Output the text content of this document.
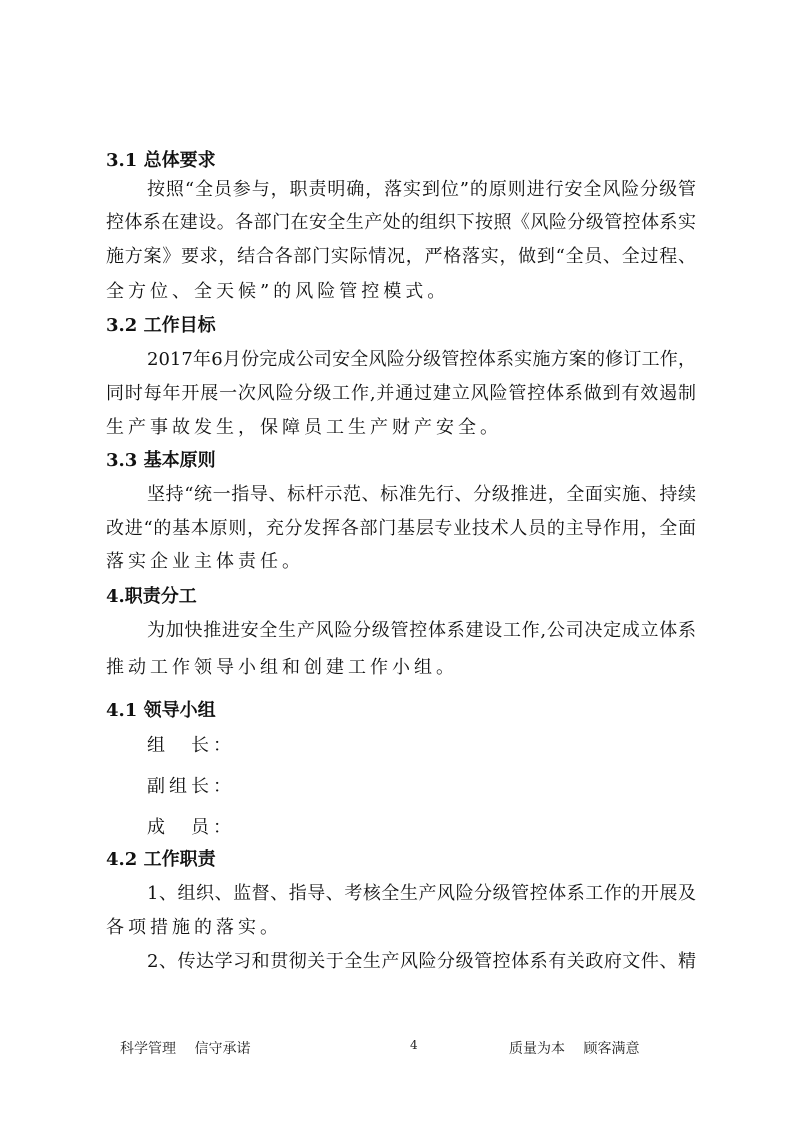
3.1 总体要求
按照“全员参与，职责明确，落实到位”的原则进行安全风险分级管
控体系在建设。各部门在安全生产处的组织下按照《风险分级管控体系实
施方案》要求，结合各部门实际情况，严格落实，做到“全员、全过程、
全方位、全天候”的风险管控模式。
3.2 工作目标
2017年6月份完成公司安全风险分级管控体系实施方案的修订工作，
同时每年开展一次风险分级工作,并通过建立风险管控体系做到有效遏制
生产事故发生，保障员工生产财产安全。
3.3 基本原则
坚持“统一指导、标杆示范、标准先行、分级推进，全面实施、持续
改进“的基本原则，充分发挥各部门基层专业技术人员的主导作用，全面
落实企业主体责任。
4.职责分工
为加快推进安全生产风险分级管控体系建设工作,公司决定成立体系
推动工作领导小组和创建工作小组。
4.1 领导小组
组　长：
副组长：
成　员：
4.2 工作职责
1、组织、监督、指导、考核全生产风险分级管控体系工作的开展及
各项措施的落实。
2、传达学习和贯彻关于全生产风险分级管控体系有关政府文件、精
科学管理　 信守承诺	4	质量为本　 顾客满意
